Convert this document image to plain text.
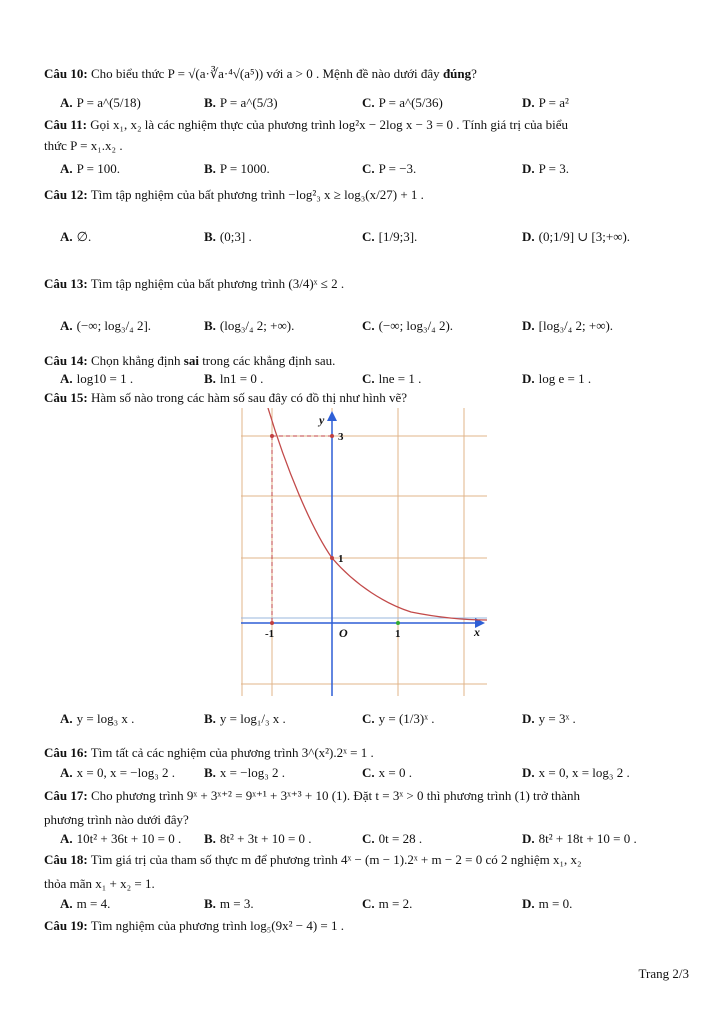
Câu 10: Cho biểu thức P = √(a·∛a·⁴√(a⁵)) với a > 0 . Mệnh đề nào dưới đây đúng?
A. P = a^(5/18)	B. P = a^(5/3)	C. P = a^(5/36)	D. P = a²
Câu 11: Gọi x₁, x₂ là các nghiệm thực của phương trình log²x − 2log x − 3 = 0 . Tính giá trị của biểu
thức P = x₁.x₂ .
A. P = 100.	B. P = 1000.	C. P = −3.	D. P = 3.
Câu 12: Tìm tập nghiệm của bất phương trình −log²₃ x ≥ log₃(x/27) + 1 .
A. ∅.	B. (0;3] .	C. [1/9;3].	D. (0;1/9] ∪ [3;+∞).
Câu 13: Tìm tập nghiệm của bất phương trình (3/4)ˣ ≤ 2 .
A. (−∞; log₃/₄ 2].	B. (log₃/₄ 2; +∞).	C. (−∞; log₃/₄ 2).	D. [log₃/₄ 2; +∞).
Câu 14: Chọn khẳng định sai trong các khẳng định sau.
A. log10 = 1 .	B. ln1 = 0 .	C. lne = 1 .	D. log e = 1 .
Câu 15: Hàm số nào trong các hàm số sau đây có đồ thị như hình vẽ?
y
x
O
-1	1
1
3
A. y = log₃ x .	B. y = log₁/₃ x .	C. y = (1/3)ˣ .	D. y = 3ˣ .
Câu 16: Tìm tất cả các nghiệm của phương trình 3^(x²).2ˣ = 1 .
A. x = 0, x = −log₃ 2 . B. x = −log₃ 2 .	C. x = 0 .	D. x = 0, x = log₃ 2 .
Câu 17: Cho phương trình 9ˣ + 3ˣ⁺² = 9ˣ⁺¹ + 3ˣ⁺³ + 10 (1). Đặt t = 3ˣ > 0 thì phương trình (1) trở thành
phương trình nào dưới đây?
A. 10t² + 36t + 10 = 0 . B. 8t² + 3t + 10 = 0 .	C. 0t = 28 .	D. 8t² + 18t + 10 = 0 .
Câu 18: Tìm giá trị của tham số thực m để phương trình 4ˣ − (m − 1).2ˣ + m − 2 = 0 có 2 nghiệm x₁, x₂
thỏa mãn x₁ + x₂ = 1.
A. m = 4.	B. m = 3.	C. m = 2.	D. m = 0.
Câu 19: Tìm nghiệm của phương trình log₅(9x² − 4) = 1 .
Trang 2/3
